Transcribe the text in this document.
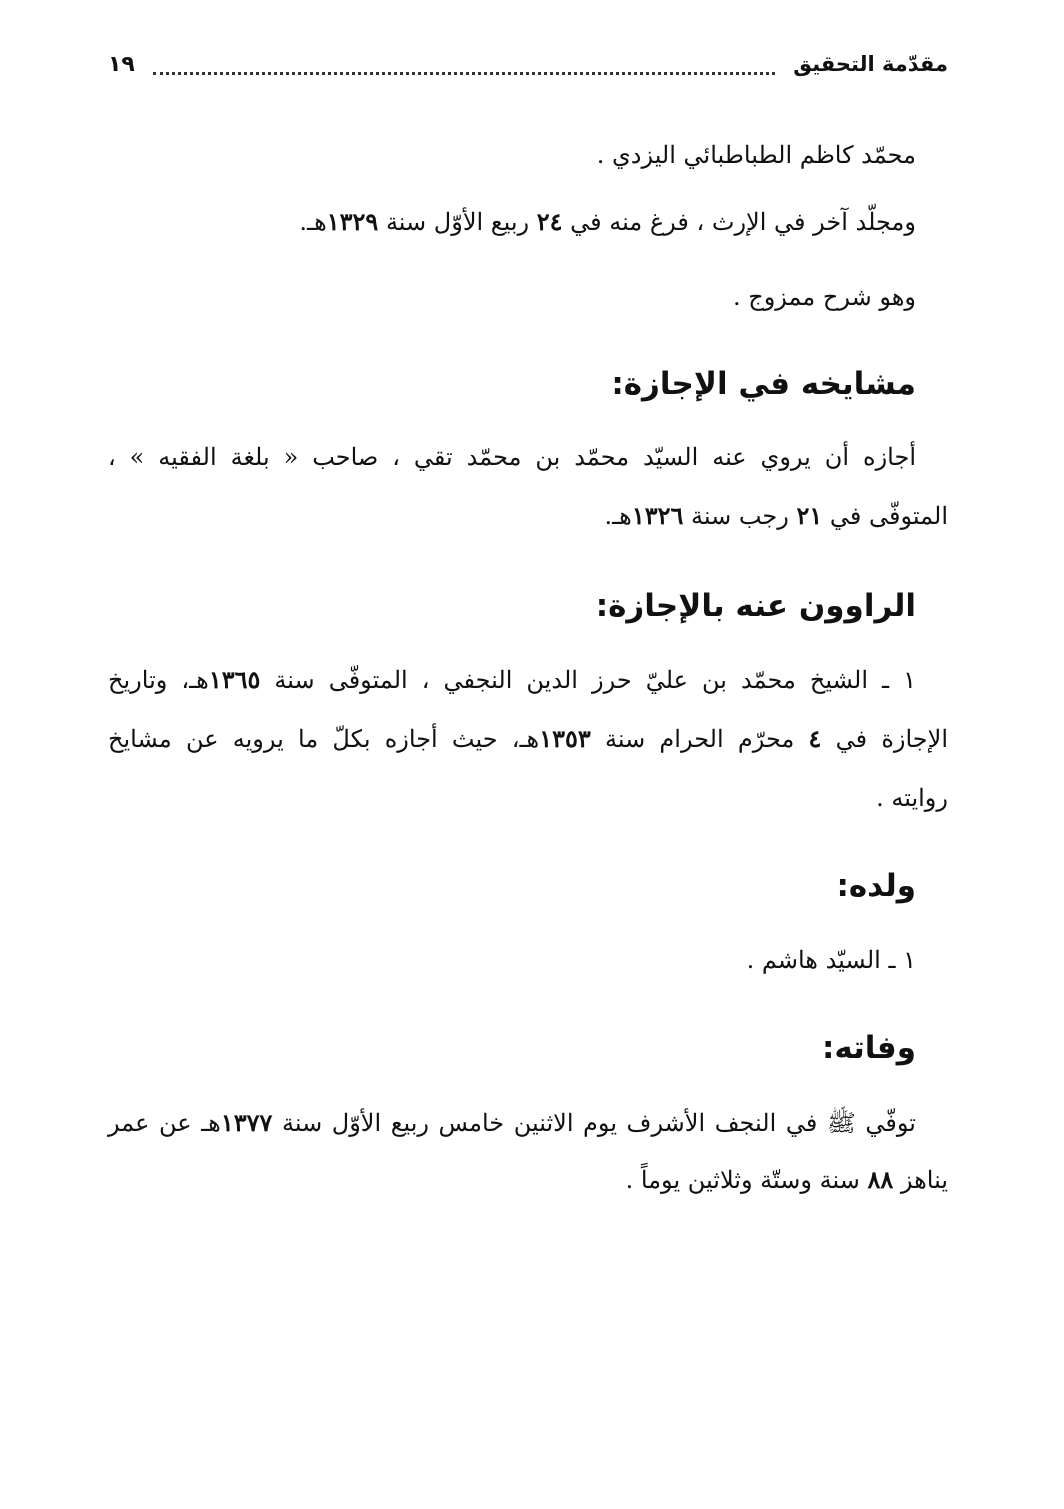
مقدّمة التحقيق
١٩
محمّد كاظم الطباطبائي اليزدي .
ومجلّد آخر في الإرث ، فرغ منه في ٢٤ ربيع الأوّل سنة ١٣٢٩هـ.
وهو شرح ممزوج .
مشايخه في الإجازة:
أجازه أن يروي عنه السيّد محمّد بن محمّد تقي ، صاحب « بلغة الفقيه » ،
المتوفّى في ٢١ رجب سنة ١٣٢٦هـ.
الراوون عنه بالإجازة:
١ ـ الشيخ محمّد بن عليّ حرز الدين النجفي ، المتوفّى سنة ١٣٦٥هـ، وتاريخ
الإجازة في ٤ محرّم الحرام سنة ١٣٥٣هـ، حيث أجازه بكلّ ما يرويه عن مشايخ
روايته .
ولده:
١ ـ السيّد هاشم .
وفاته:
توفّي ﷺ في النجف الأشرف يوم الاثنين خامس ربيع الأوّل سنة ١٣٧٧هـ عن عمر
يناهز ٨٨ سنة وستّة وثلاثين يوماً .
